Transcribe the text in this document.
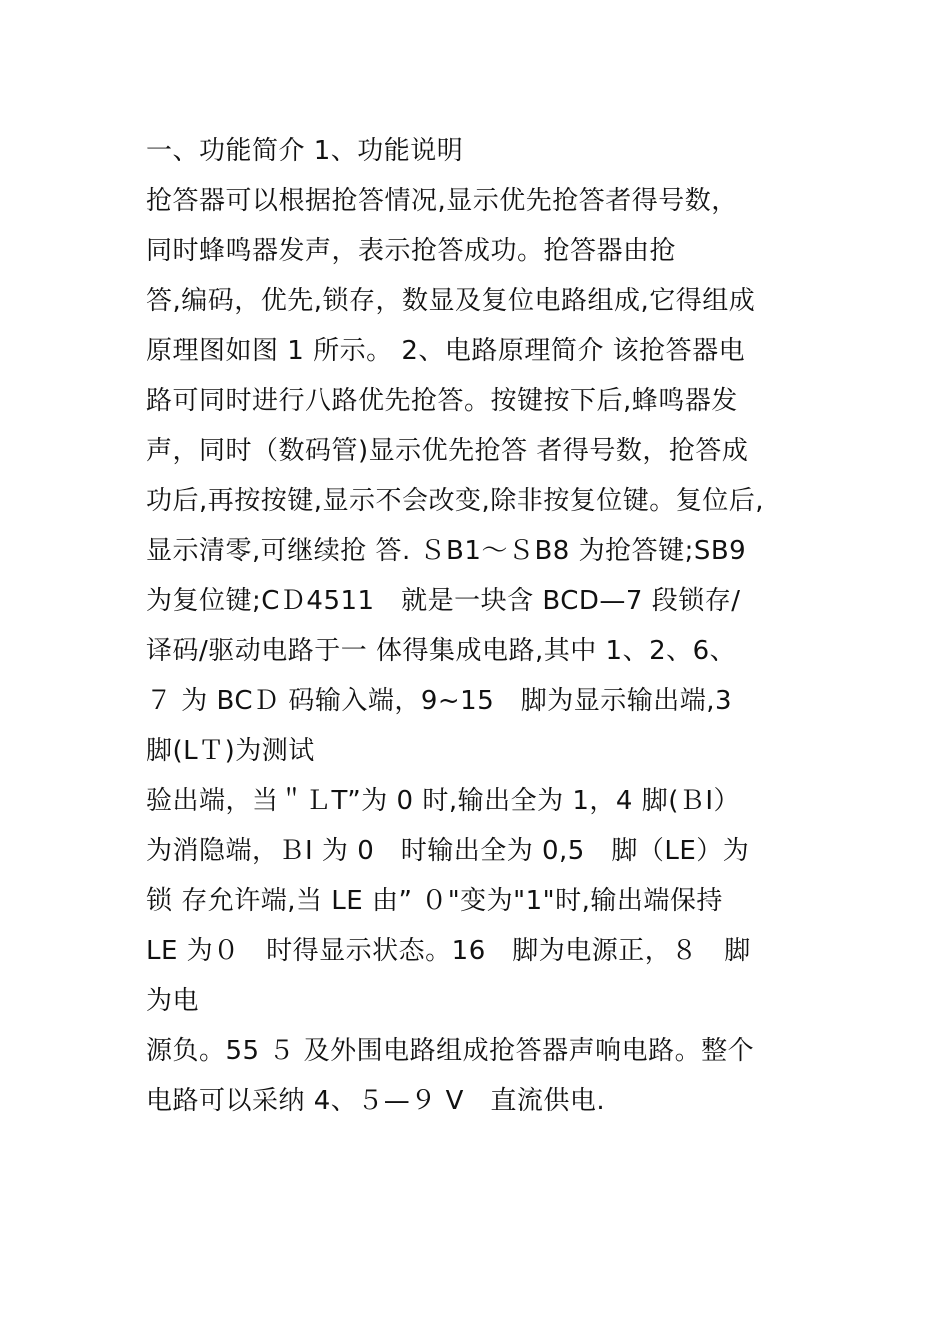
一、功能简介 1、功能说明
抢答器可以根据抢答情况,显示优先抢答者得号数，
同时蜂鸣器发声，表示抢答成功。抢答器由抢
答,编码，优先,锁存，数显及复位电路组成,它得组成
原理图如图 1 所示。 2、电路原理简介 该抢答器电
路可同时进行八路优先抢答。按键按下后,蜂鸣器发
声，同时（数码管)显示优先抢答 者得号数，抢答成
功后,再按按键,显示不会改变,除非按复位键。复位后,
显示清零,可继续抢 答. ＳB1～ＳB8 为抢答键;SB9
为复位键;CＤ4511　就是一块含 BCD—7 段锁存/
译码/驱动电路于一 体得集成电路,其中 1、2、6、
７ 为 BCＤ 码输入端，9~15　脚为显示输出端,3
脚(LＴ)为测试
验出端，当＂ＬT”为 0 时,输出全为 1，4 脚(ＢI）
为消隐端，ＢI 为 0　时输出全为 0,5　脚（LE）为
锁 存允许端,当 LE 由” ０"变为"1"时,输出端保持
LE 为０　时得显示状态。16　脚为电源正，８　脚
为电
源负。55 ５ 及外围电路组成抢答器声响电路。整个
电路可以采纳 4、５—９ V　直流供电.
